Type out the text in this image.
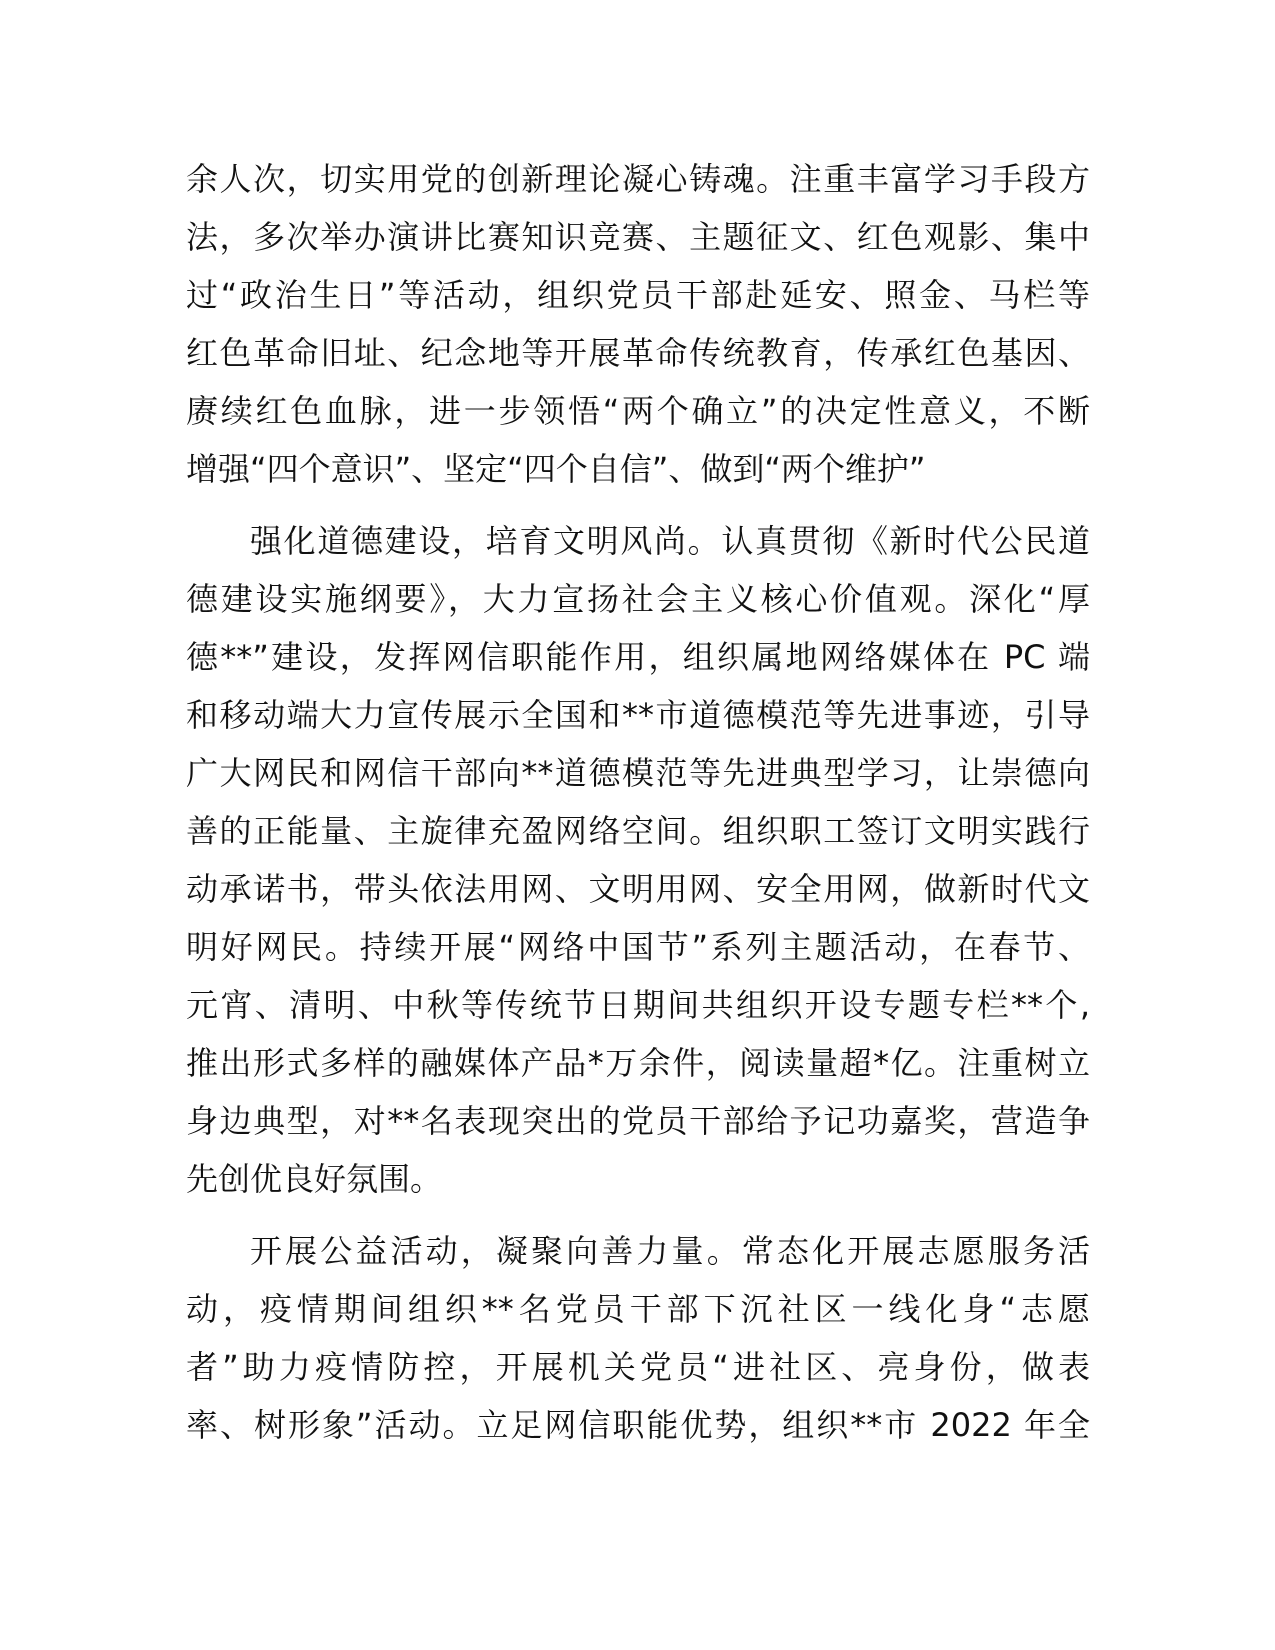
余人次，切实用党的创新理论凝心铸魂。注重丰富学习手段方
法，多次举办演讲比赛知识竞赛、主题征文、红色观影、集中
过“政治生日”等活动，组织党员干部赴延安、照金、马栏等
红色革命旧址、纪念地等开展革命传统教育，传承红色基因、
赓续红色血脉，进一步领悟“两个确立”的决定性意义，不断
增强“四个意识”、坚定“四个自信”、做到“两个维护”
强化道德建设，培育文明风尚。认真贯彻《新时代公民道
德建设实施纲要》，大力宣扬社会主义核心价值观。深化“厚
德**”建设，发挥网信职能作用，组织属地网络媒体在 PC 端
和移动端大力宣传展示全国和**市道德模范等先进事迹，引导
广大网民和网信干部向**道德模范等先进典型学习，让崇德向
善的正能量、主旋律充盈网络空间。组织职工签订文明实践行
动承诺书，带头依法用网、文明用网、安全用网，做新时代文
明好网民。持续开展“网络中国节”系列主题活动，在春节、
元宵、清明、中秋等传统节日期间共组织开设专题专栏**个,
推出形式多样的融媒体产品*万余件，阅读量超*亿。注重树立
身边典型，对**名表现突出的党员干部给予记功嘉奖，营造争
先创优良好氛围。
开展公益活动，凝聚向善力量。常态化开展志愿服务活
动，疫情期间组织**名党员干部下沉社区一线化身“志愿
者”助力疫情防控，开展机关党员“进社区、亮身份，做表
率、树形象”活动。立足网信职能优势，组织**市 2022 年全
